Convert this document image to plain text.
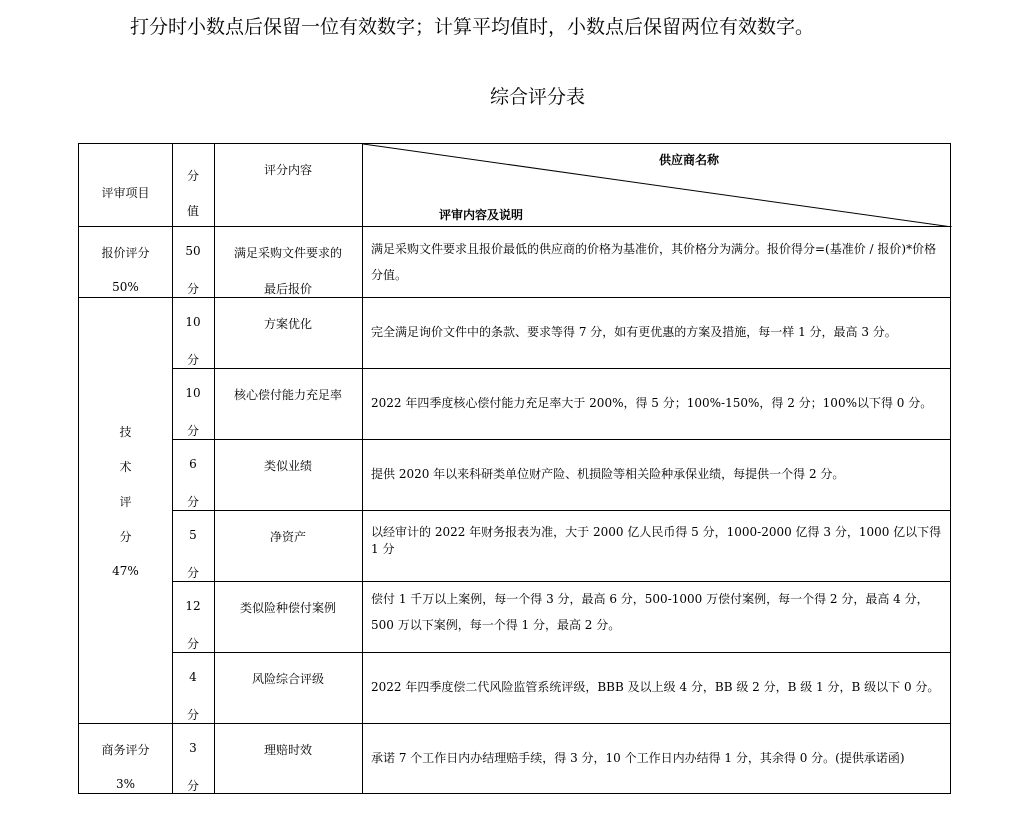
打分时小数点后保留一位有效数字；计算平均值时，小数点后保留两位有效数字。
综合评分表
评审项目
分
值
评分内容
供应商名称
评审内容及说明
报价评分
50%
技
术
评
分
47%
商务评分
3%
50
分
满足采购文件要求的
最后报价
满足采购文件要求且报价最低的供应商的价格为基准价，其价格分为满分。报价得分=(基准价 / 报价)*价格分值。
10
分
方案优化
完全满足询价文件中的条款、要求等得 7 分，如有更优惠的方案及措施，每一样 1 分，最高 3 分。
10
分
核心偿付能力充足率
2022 年四季度核心偿付能力充足率大于 200%，得 5 分；100%-150%，得 2 分；100%以下得 0 分。
6
分
类似业绩
提供 2020 年以来科研类单位财产险、机损险等相关险种承保业绩，每提供一个得 2 分。
5
分
净资产	以经审计的 2022 年财务报表为准，大于 2000 亿人民币得 5 分，1000-2000 亿得 3 分，1000 亿以下得 1 分
12
分
类似险种偿付案例
偿付 1 千万以上案例，每一个得 3 分，最高 6 分，500-1000 万偿付案例，每一个得 2 分，最高 4 分，500 万以下案例，每一个得 1 分，最高 2 分。
4
分
风险综合评级
2022 年四季度偿二代风险监管系统评级，BBB 及以上级 4 分，BB 级 2 分，B 级 1 分，B 级以下 0 分。
3
分
理赔时效
承诺 7 个工作日内办结理赔手续，得 3 分，10 个工作日内办结得 1 分，其余得 0 分。(提供承诺函)
